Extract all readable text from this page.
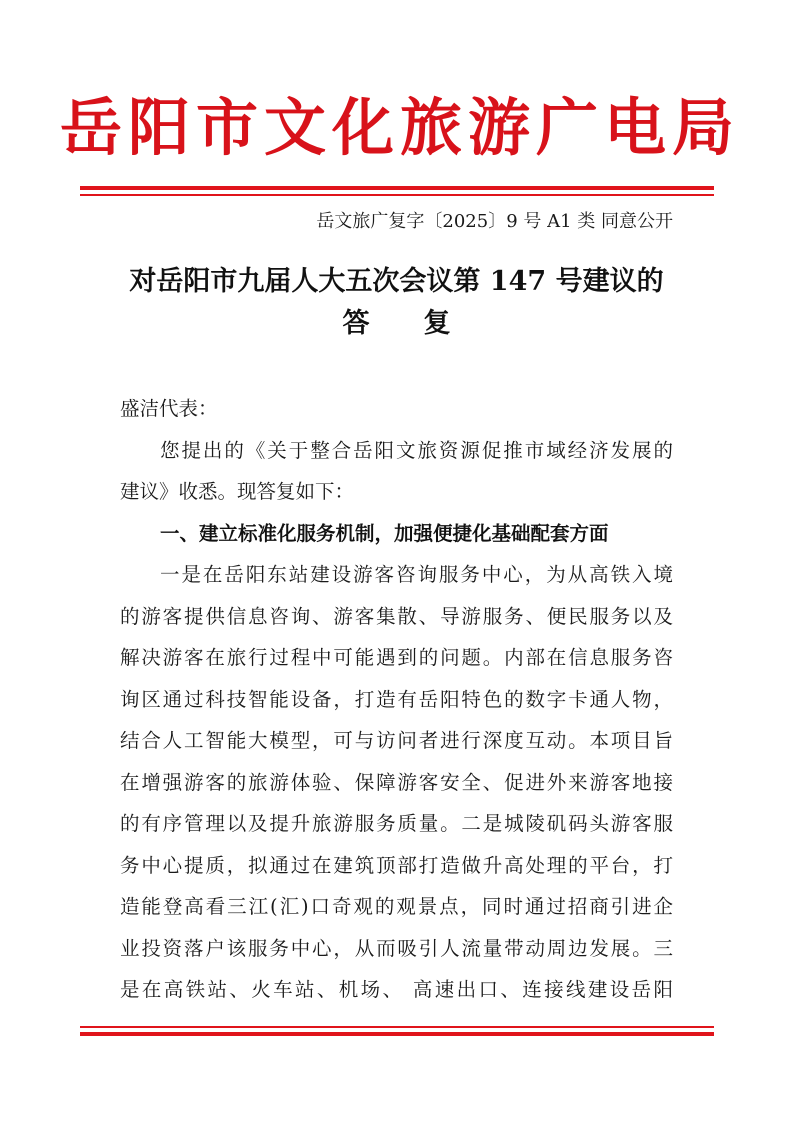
岳阳市文化旅游广电局
岳文旅广复字〔2025〕9 号 A1 类 同意公开
对岳阳市九届人大五次会议第 147 号建议的
答　　复
盛洁代表：
您提出的《关于整合岳阳文旅资源促推市域经济发展的
建议》收悉。现答复如下：
一、建立标准化服务机制，加强便捷化基础配套方面
一是在岳阳东站建设游客咨询服务中心，为从高铁入境
的游客提供信息咨询、游客集散、导游服务、便民服务以及
解决游客在旅行过程中可能遇到的问题。内部在信息服务咨
询区通过科技智能设备，打造有岳阳特色的数字卡通人物，
结合人工智能大模型，可与访问者进行深度互动。本项目旨
在增强游客的旅游体验、保障游客安全、促进外来游客地接
的有序管理以及提升旅游服务质量。二是城陵矶码头游客服
务中心提质，拟通过在建筑顶部打造做升高处理的平台，打
造能登高看三江(汇)口奇观的观景点，同时通过招商引进企
业投资落户该服务中心，从而吸引人流量带动周边发展。三
是在高铁站、火车站、机场、 高速出口、连接线建设岳阳
